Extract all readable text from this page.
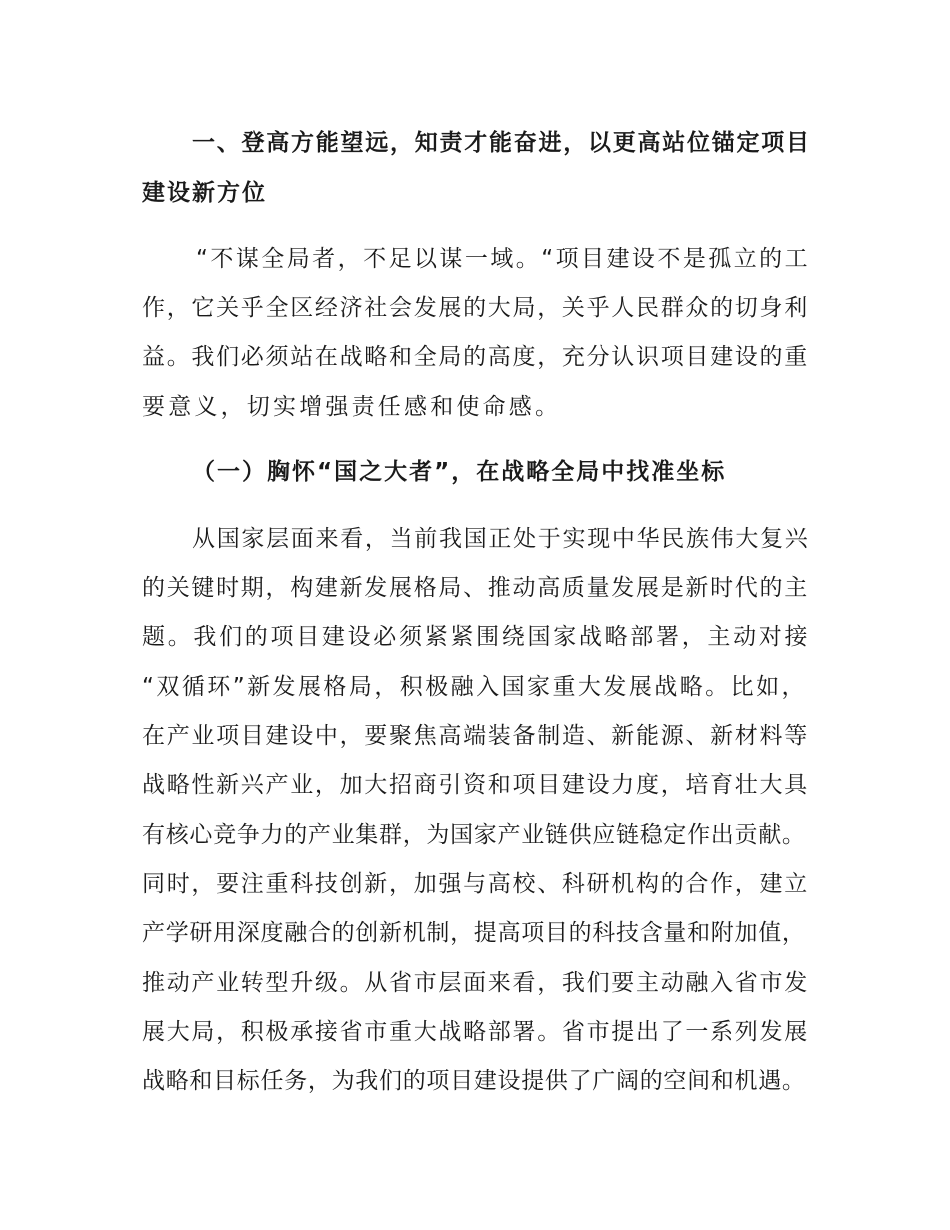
一、登高方能望远，知责才能奋进，以更高站位锚定项目

建设新方位

“不谋全局者，不足以谋一域。“项目建设不是孤立的工

作，它关乎全区经济社会发展的大局，关乎人民群众的切身利

益。我们必须站在战略和全局的高度，充分认识项目建设的重

要意义，切实增强责任感和使命感。

（一）胸怀“国之大者”，在战略全局中找准坐标

从国家层面来看，当前我国正处于实现中华民族伟大复兴

的关键时期，构建新发展格局、推动高质量发展是新时代的主

题。我们的项目建设必须紧紧围绕国家战略部署，主动对接

“双循环”新发展格局，积极融入国家重大发展战略。比如，

在产业项目建设中，要聚焦高端装备制造、新能源、新材料等

战略性新兴产业，加大招商引资和项目建设力度，培育壮大具

有核心竞争力的产业集群，为国家产业链供应链稳定作出贡献。

同时，要注重科技创新，加强与高校、科研机构的合作，建立

产学研用深度融合的创新机制，提高项目的科技含量和附加值，

推动产业转型升级。从省市层面来看，我们要主动融入省市发

展大局，积极承接省市重大战略部署。省市提出了一系列发展

战略和目标任务，为我们的项目建设提供了广阔的空间和机遇。
